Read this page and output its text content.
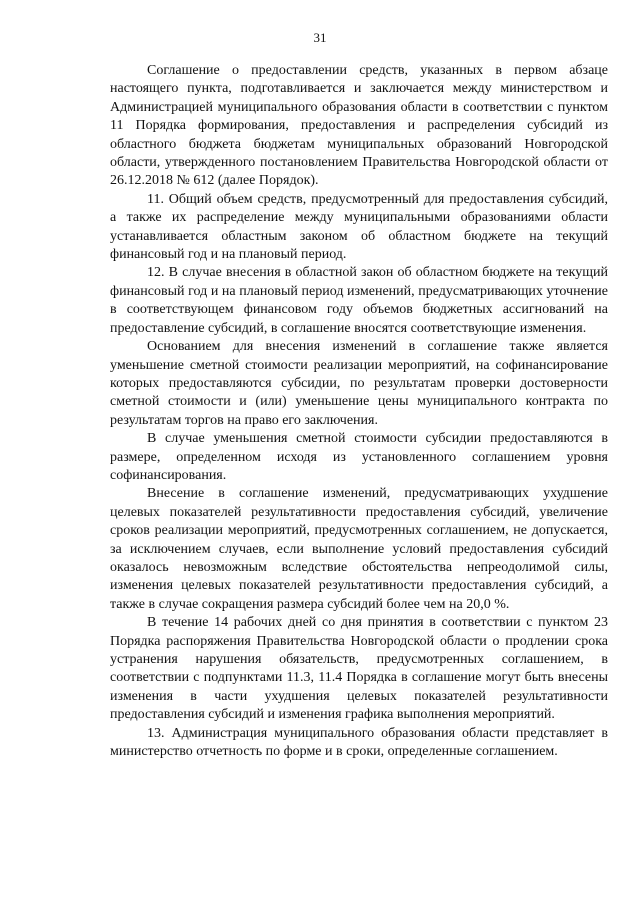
31

Соглашение о предоставлении средств, указанных в первом абзаце настоящего пункта, подготавливается и заключается между министерством и Администрацией муниципального образования области в соответствии с пунктом 11 Порядка формирования, предоставления и распределения субсидий из областного бюджета бюджетам муниципальных образований Новгородской области, утвержденного постановлением Правительства Новгородской области от 26.12.2018 № 612 (далее Порядок).

11. Общий объем средств, предусмотренный для предоставления субсидий, а также их распределение между муниципальными образованиями области устанавливается областным законом об областном бюджете на текущий финансовый год и на плановый период.

12. В случае внесения в областной закон об областном бюджете на текущий финансовый год и на плановый период изменений, предусматривающих уточнение в соответствующем финансовом году объемов бюджетных ассигнований на предоставление субсидий, в соглашение вносятся соответствующие изменения.

Основанием для внесения изменений в соглашение также является уменьшение сметной стоимости реализации мероприятий, на софинансирование которых предоставляются субсидии, по результатам проверки достоверности сметной стоимости и (или) уменьшение цены муниципального контракта по результатам торгов на право его заключения.

В случае уменьшения сметной стоимости субсидии предоставляются в размере, определенном исходя из установленного соглашением уровня софинансирования.

Внесение в соглашение изменений, предусматривающих ухудшение целевых показателей результативности предоставления субсидий, увеличение сроков реализации мероприятий, предусмотренных соглашением, не допускается, за исключением случаев, если выполнение условий предоставления субсидий оказалось невозможным вследствие обстоятельства непреодолимой силы, изменения целевых показателей результативности предоставления субсидий, а также в случае сокращения размера субсидий более чем на 20,0 %.

В течение 14 рабочих дней со дня принятия в соответствии с пунктом 23 Порядка распоряжения Правительства Новгородской области о продлении срока устранения нарушения обязательств, предусмотренных соглашением, в соответствии с подпунктами 11.3, 11.4 Порядка в соглашение могут быть внесены изменения в части ухудшения целевых показателей результативности предоставления субсидий и изменения графика выполнения мероприятий.

13. Администрация муниципального образования области представляет в министерство отчетность по форме и в сроки, определенные соглашением.
